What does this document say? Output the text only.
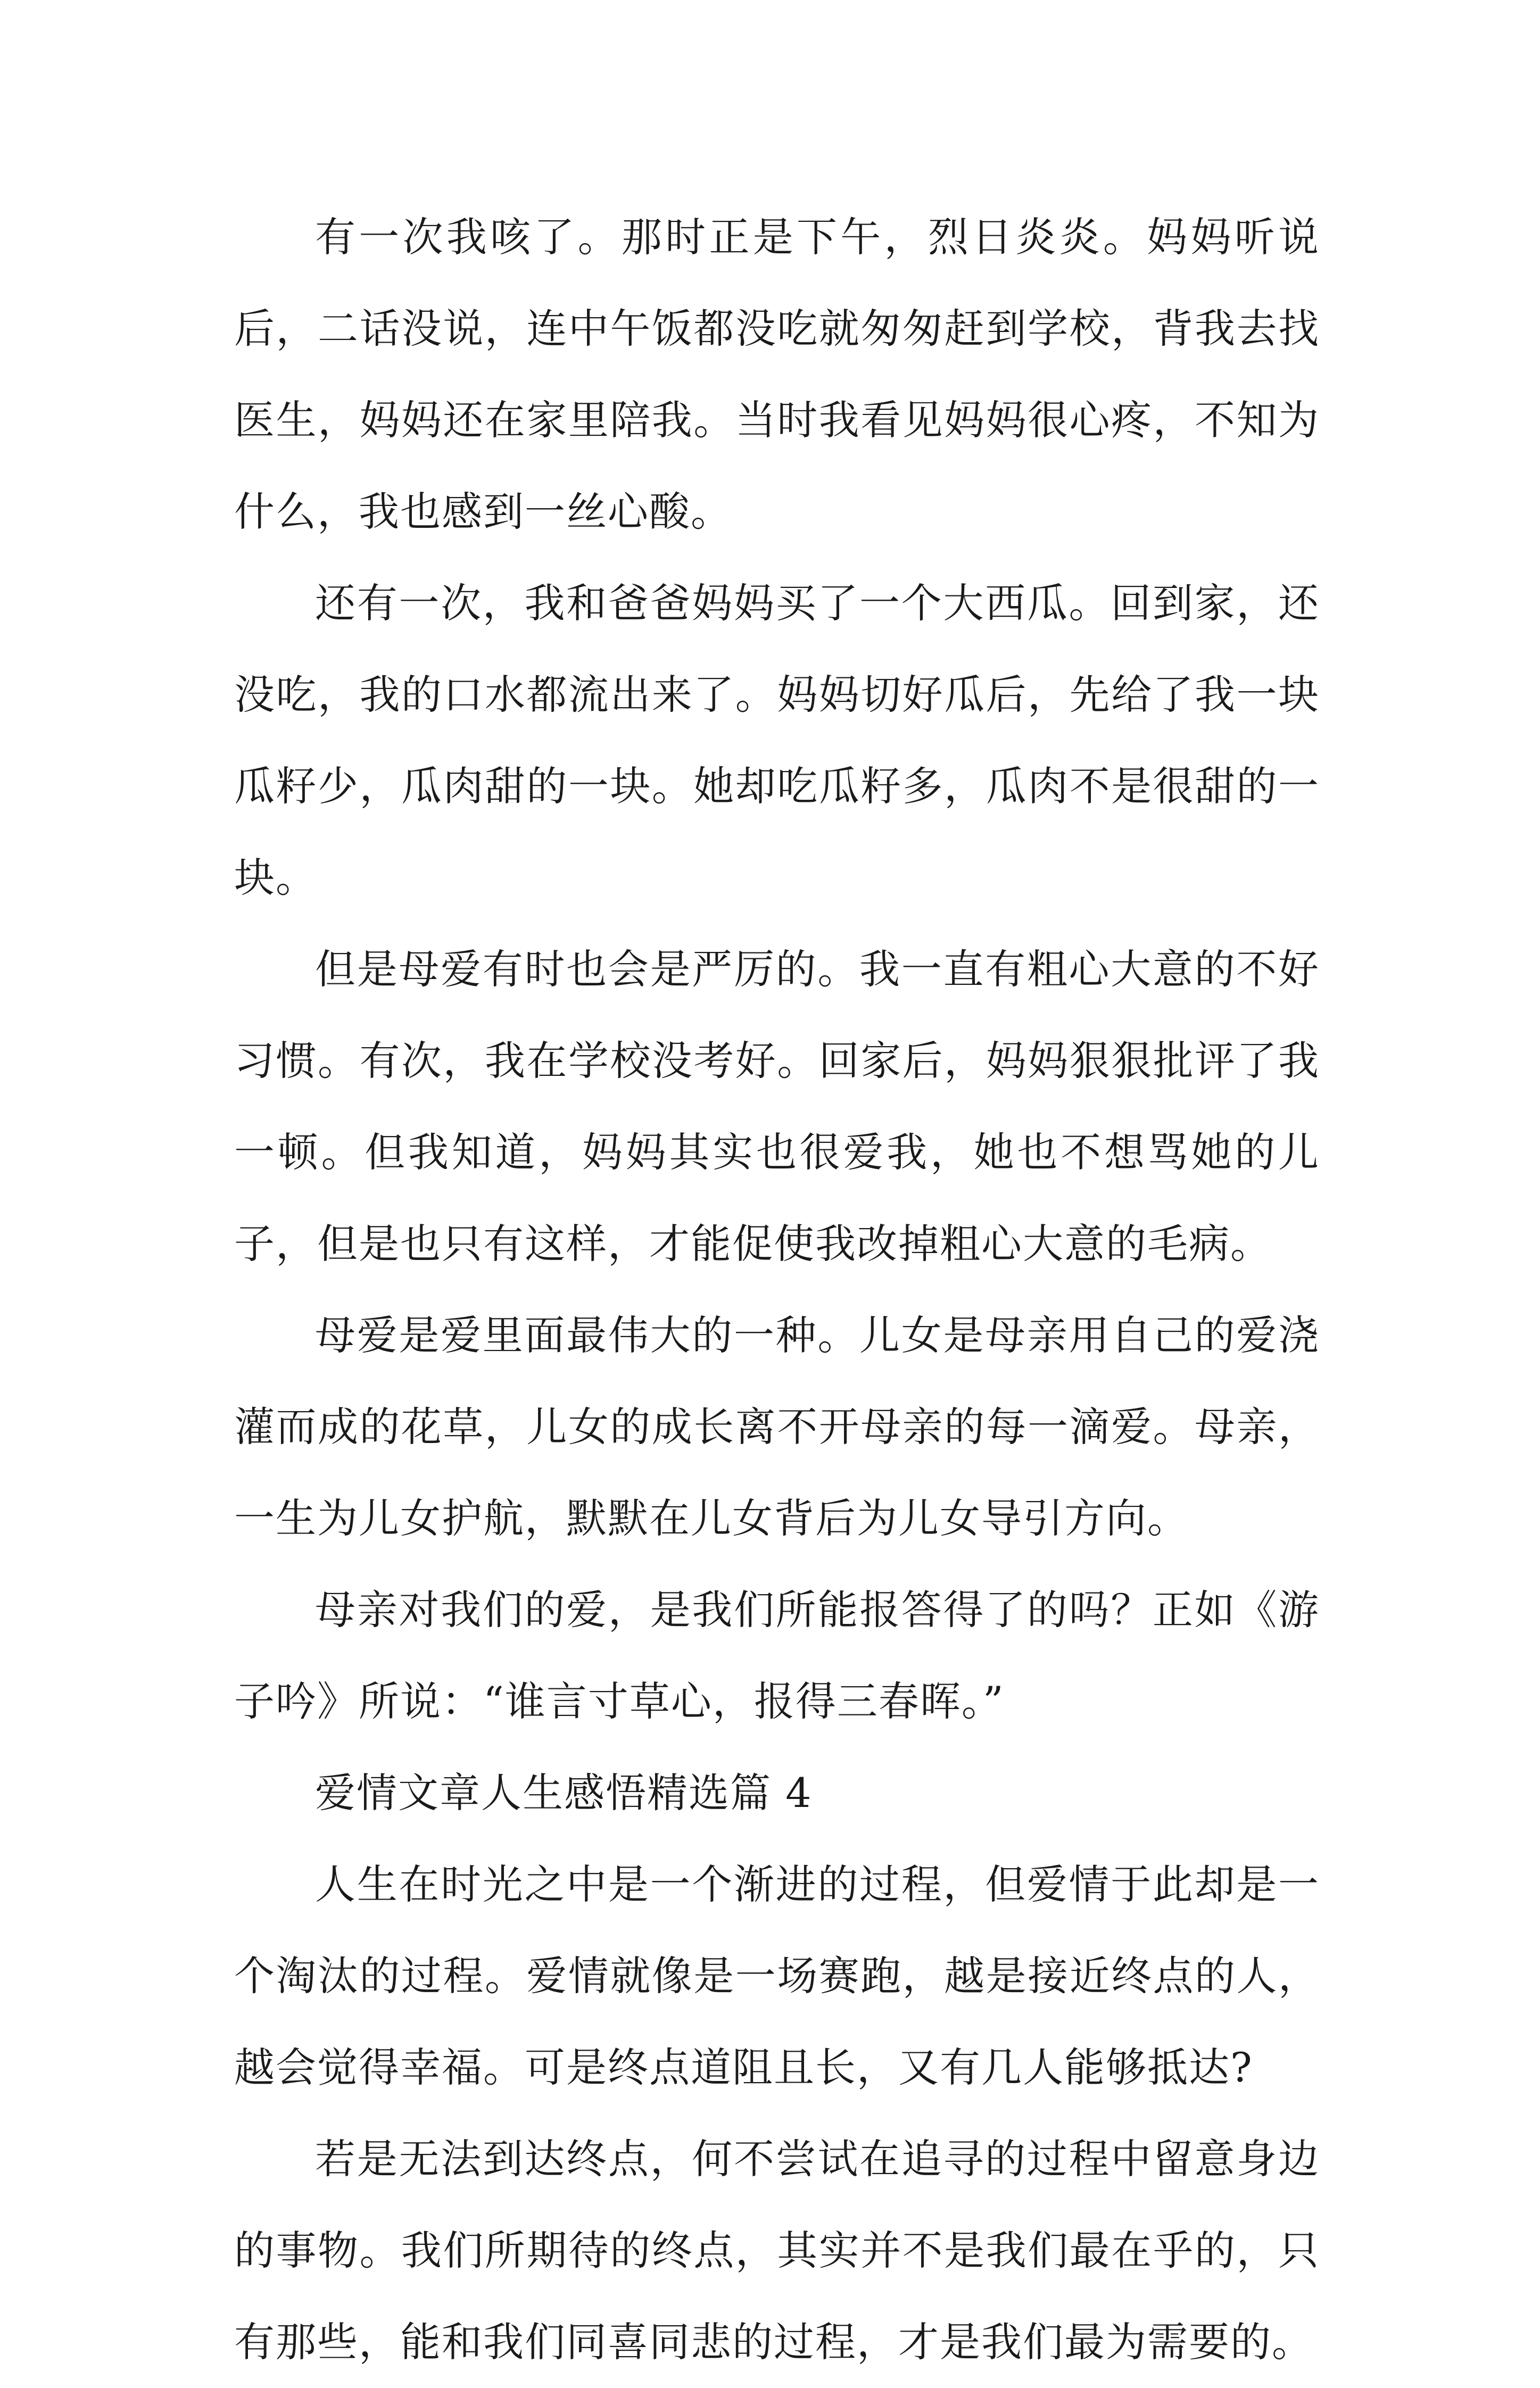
有一次我咳了。那时正是下午，烈日炎炎。妈妈听说后，二话没说，连中午饭都没吃就匆匆赶到学校，背我去找医生，妈妈还在家里陪我。当时我看见妈妈很心疼，不知为什么，我也感到一丝心酸。

还有一次，我和爸爸妈妈买了一个大西瓜。回到家，还没吃，我的口水都流出来了。妈妈切好瓜后，先给了我一块瓜籽少，瓜肉甜的一块。她却吃瓜籽多，瓜肉不是很甜的一块。

但是母爱有时也会是严厉的。我一直有粗心大意的不好习惯。有次，我在学校没考好。回家后，妈妈狠狠批评了我一顿。但我知道，妈妈其实也很爱我，她也不想骂她的儿子，但是也只有这样，才能促使我改掉粗心大意的毛病。

母爱是爱里面最伟大的一种。儿女是母亲用自己的爱浇灌而成的花草，儿女的成长离不开母亲的每一滴爱。母亲，一生为儿女护航，默默在儿女背后为儿女导引方向。

母亲对我们的爱，是我们所能报答得了的吗？正如《游子吟》所说：“谁言寸草心，报得三春晖。”

爱情文章人生感悟精选篇 4

人生在时光之中是一个渐进的过程，但爱情于此却是一个淘汰的过程。爱情就像是一场赛跑，越是接近终点的人，越会觉得幸福。可是终点道阻且长，又有几人能够抵达?

若是无法到达终点，何不尝试在追寻的过程中留意身边的事物。我们所期待的终点，其实并不是我们最在乎的，只有那些，能和我们同喜同悲的过程，才是我们最为需要的。
